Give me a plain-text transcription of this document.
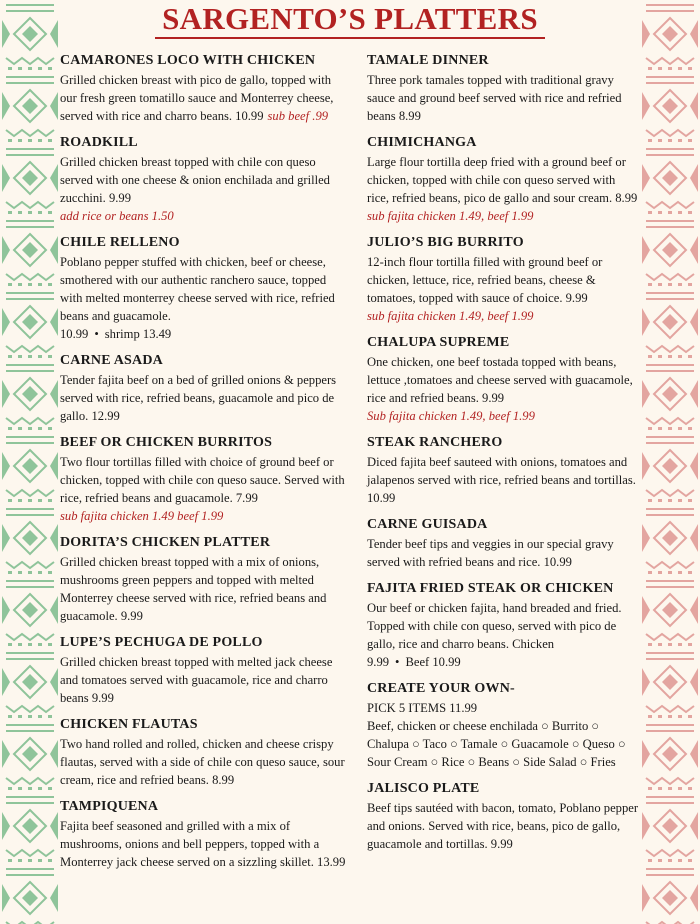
SARGENTO’S PLATTERS
CAMARONES LOCO WITH CHICKEN
Grilled chicken breast with pico de gallo, topped with our fresh green tomatillo sauce and Monterrey cheese, served with rice and charro beans. 10.99 sub beef .99
ROADKILL
Grilled chicken breast topped with chile con queso served with one cheese & onion enchilada and grilled zucchini. 9.99
add rice or beans 1.50
CHILE RELLENO
Poblano pepper stuffed with chicken, beef or cheese, smothered with our authentic ranchero sauce, topped with melted monterrey cheese served with rice, refried beans and guacamole.
10.99 • shrimp 13.49
CARNE ASADA
Tender fajita beef on a bed of grilled onions & peppers served with rice, refried beans, guacamole and pico de gallo. 12.99
BEEF OR CHICKEN BURRITOS
Two flour tortillas filled with choice of ground beef or chicken, topped with chile con queso sauce. Served with rice, refried beans and guacamole. 7.99
sub fajita chicken 1.49 beef 1.99
DORITA’S CHICKEN PLATTER
Grilled chicken breast topped with a mix of onions, mushrooms green peppers and topped with melted Monterrey cheese served with rice, refried beans and guacamole. 9.99
LUPE’S PECHUGA DE POLLO
Grilled chicken breast topped with melted jack cheese and tomatoes served with guacamole, rice and charro beans 9.99
CHICKEN FLAUTAS
Two hand rolled and rolled, chicken and cheese crispy flautas, served with a side of chile con queso sauce, sour cream, rice and refried beans. 8.99
TAMPIQUENA
Fajita beef seasoned and grilled with a mix of mushrooms, onions and bell peppers, topped with a Monterrey jack cheese served on a sizzling skillet. 13.99
TAMALE DINNER
Three pork tamales topped with traditional gravy sauce and ground beef served with rice and refried beans 8.99
CHIMICHANGA
Large flour tortilla deep fried with a ground beef or chicken, topped with chile con queso served with rice, refried beans, pico de gallo and sour cream. 8.99
sub fajita chicken 1.49, beef 1.99
JULIO’S BIG BURRITO
12-inch flour tortilla filled with ground beef or chicken, lettuce, rice, refried beans, cheese & tomatoes, topped with sauce of choice. 9.99
sub fajita chicken 1.49, beef 1.99
CHALUPA SUPREME
One chicken, one beef tostada topped with beans, lettuce ,tomatoes and cheese served with guacamole, rice and refried beans. 9.99
Sub fajita chicken 1.49, beef 1.99
STEAK RANCHERO
Diced fajita beef sauteed with onions, tomatoes and jalapenos served with rice, refried beans and tortillas. 10.99
CARNE GUISADA
Tender beef tips and veggies in our special gravy served with refried beans and rice. 10.99
FAJITA FRIED STEAK OR CHICKEN
Our beef or chicken fajita, hand breaded and fried. Topped with chile con queso, served with pico de gallo, rice and charro beans. Chicken
9.99 • Beef 10.99
CREATE YOUR OWN-
PICK 5 ITEMS 11.99
Beef, chicken or cheese enchilada ○ Burrito ○ Chalupa ○ Taco ○ Tamale ○ Guacamole ○ Queso ○ Sour Cream ○ Rice ○ Beans ○ Side Salad ○ Fries
JALISCO PLATE
Beef tips sautéed with bacon, tomato, Poblano pepper and onions. Served with rice, beans, pico de gallo, guacamole and tortillas. 9.99
